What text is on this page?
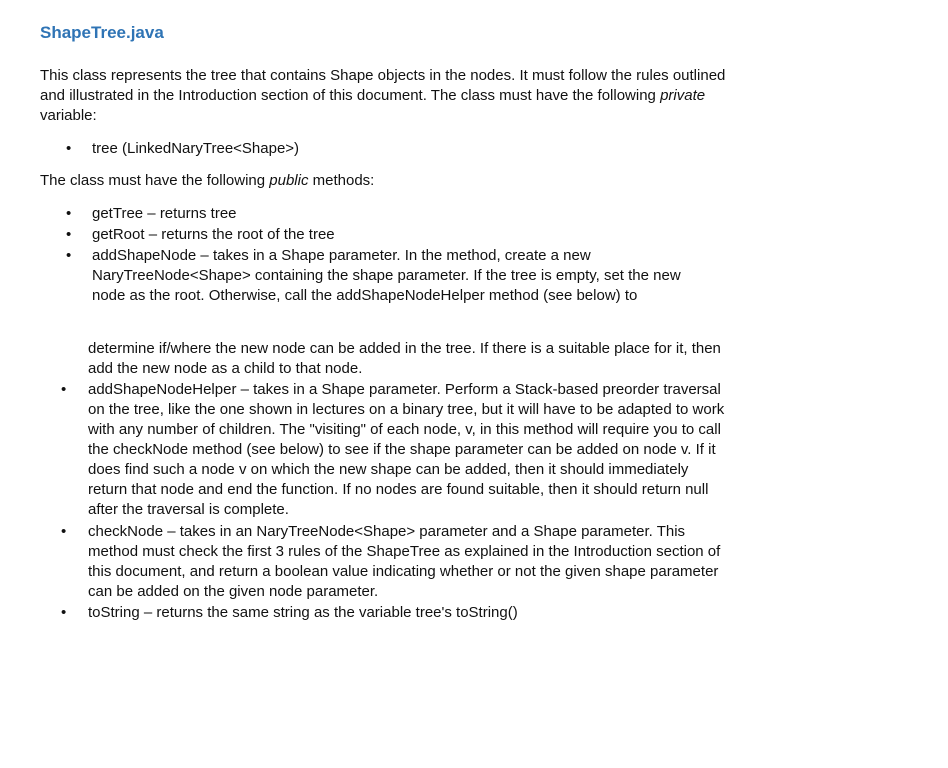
ShapeTree.java
This class represents the tree that contains Shape objects in the nodes. It must follow the rules outlined and illustrated in the Introduction section of this document. The class must have the following private variable:
•	tree (LinkedNaryTree<Shape>)
The class must have the following public methods:
•	getTree – returns tree
•	getRoot – returns the root of the tree
•	addShapeNode – takes in a Shape parameter. In the method, create a new NaryTreeNode<Shape> containing the shape parameter. If the tree is empty, set the new node as the root. Otherwise, call the addShapeNodeHelper method (see below) to
determine if/where the new node can be added in the tree. If there is a suitable place for it, then add the new node as a child to that node.
•	addShapeNodeHelper – takes in a Shape parameter. Perform a Stack-based preorder traversal on the tree, like the one shown in lectures on a binary tree, but it will have to be adapted to work with any number of children. The "visiting" of each node, v, in this method will require you to call the checkNode method (see below) to see if the shape parameter can be added on node v. If it does find such a node v on which the new shape can be added, then it should immediately return that node and end the function. If no nodes are found suitable, then it should return null after the traversal is complete.
•	checkNode – takes in an NaryTreeNode<Shape> parameter and a Shape parameter. This method must check the first 3 rules of the ShapeTree as explained in the Introduction section of this document, and return a boolean value indicating whether or not the given shape parameter can be added on the given node parameter.
•	toString – returns the same string as the variable tree's toString()
